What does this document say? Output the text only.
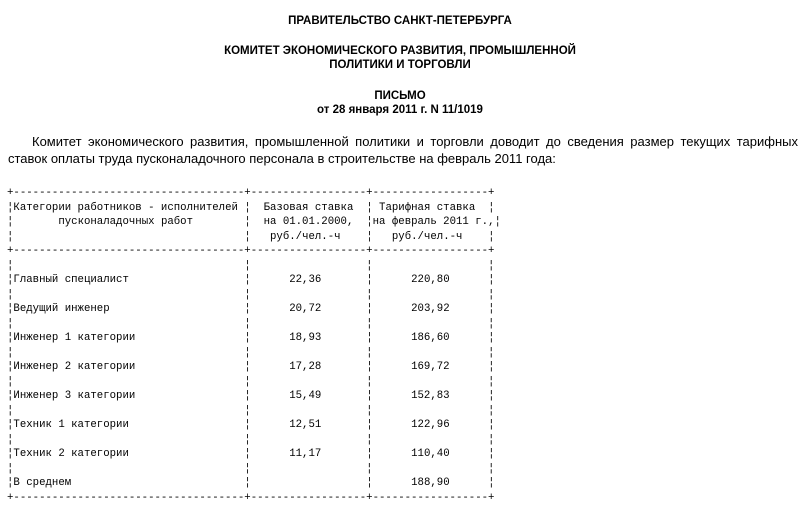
ПРАВИТЕЛЬСТВО САНКТ-ПЕТЕРБУРГА
КОМИТЕТ ЭКОНОМИЧЕСКОГО РАЗВИТИЯ, ПРОМЫШЛЕННОЙ
ПОЛИТИКИ И ТОРГОВЛИ
ПИСЬМО
от 28 января 2011 г. N 11/1019
Комитет экономического развития, промышленной политики и торговли доводит до сведения размер текущих тарифных ставок оплаты труда пусконаладочного персонала в строительстве на февраль 2011 года:
+------------------------------------+------------------+------------------+
¦Категории работников - исполнителей ¦ Базовая ставка ¦ Тарифная ставка ¦
¦	пусконаладочных работ	¦ на 01.01.2000, ¦на февраль 2011 г.,¦
¦	¦ руб./чел.-ч ¦ руб./чел.-ч ¦
+------------------------------------+------------------+------------------+
¦                                    ¦                  ¦                  ¦
¦Главный специалист	¦	22,36	¦	220,80	¦
¦                                    ¦                  ¦                  ¦
¦Ведущий инженер	¦	20,72	¦	203,92	¦
¦                                    ¦                  ¦                  ¦
¦Инженер 1 категории	¦	18,93	¦	186,60	¦
¦                                    ¦                  ¦                  ¦
¦Инженер 2 категории	¦	17,28	¦	169,72	¦
¦                                    ¦                  ¦                  ¦
¦Инженер 3 категории	¦	15,49	¦	152,83	¦
¦                                    ¦                  ¦                  ¦
¦Техник 1 категории	¦	12,51	¦	122,96	¦
¦                                    ¦                  ¦                  ¦
¦Техник 2 категории	¦	11,17	¦	110,40	¦
¦                                    ¦                  ¦                  ¦
¦В среднем	¦	¦	188,90	¦
+------------------------------------+------------------+------------------+
